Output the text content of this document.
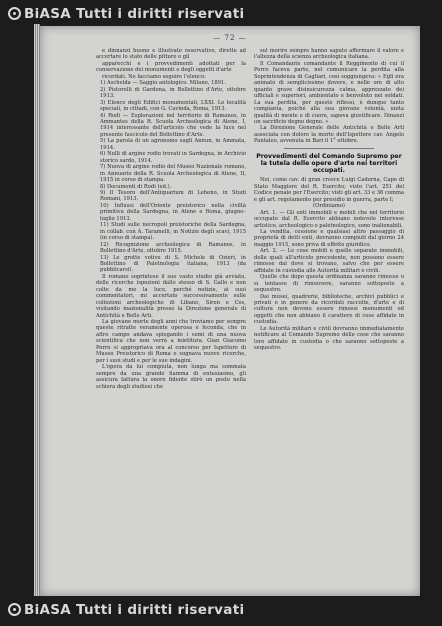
BiASA Tutti i diritti riservati
— 72 —

e dinnanzi buono e illustrato osservativo, dirette ad accertare lo stato delle pitture e gli

apparecchi e i provvedimenti adottati per la conservazione dei monumenti e degli oggetti d'arte

ricordati. Ne facciamo seguire l'elenco:

1) Aschelda — Saggio antologico. Milano, 1891.

2) Pistorelli di Gardena, in Bollettino d'Arte, ottobre 1913.

3) Elenco degli Edifici monumentali, LXXI. Le località speciali, in cittadi, con G. Cavinda, Roma, 1913.

4) Rodi — Esplorazioni nel territorio di Ramanos, in Ammantes della R. Scuola Archeologica di Atene, I, 1914 interessante dell'articolo che vede la luce nel presente fascicolo del Bollettino d'Arte.

5) La parola di un agronomo sugli Annun, in Ammata, 1914.

6) Nulli di argine rodio trovati in Sardegna, in Archivio storico sardo, 1914.

7) Nuova di argine rodio del Museo Nazionale romano, in Annuario della R. Scuola Archeologica di Atene, II, 1915 in corso di stampa.

8) Documenti di Rodi (ed.).

9) Il Tesoro dell'Antiquarium di Lebeno, in Studi Romani, 1913.

10) Influssi dell'Oriente preistorico nella civiltà primitiva della Sardegna, in Atene e Roma, giugno–luglio 1913.

11) Studi sulle necropoli preistoriche della Sardegna, in collab. con A. Taramelli, in Notizie degli scavi, 1915 (in corso di stampa).

12) Ricognizione archeologica di Ramanos, in Bollettino d'Arte, ottobre 1915.

13) Le grotte votive di S. Michele di Ozieri, in Bollettino di Paletnologia italiana, 1913 (da pubblicarsi).

Il romano soprintese il suo vasto studio già avviato, delle ricerche ispezioni dallo stesso di S. Gallo e non colte da me la luce, perché notizie, ai suoi commentatori, mi accertato successivamente sulle collezioni archeologiche di Libano, Siren e Cos, visitando mazionalità presso la Direzione generale di Antichità e Belle Arti.

La giovane morte degli anni che troviamo per sempre queste ritratte veramente operosa e feconda, che in altro campo andava spiegando i semi di una nuova scientifica che non verrà a mietitura. Gian Giacomo Porro si appropriava ora al concorso per Ispettore di Museo Preistorico di Roma e sognava nuove ricerche, per i suoi studi e per le sue indagini.

L'opera da lui compiuta, non lunga ma sommata sempre da una grande fiamma di entusiasmo, gli assicura fattura la onore fidente stirò un posto nella schiera degli studiosi che

sul morire sempre hanno saputo affermare il valore e l'altezza della scienza archeologica italiana.

Il Comandante comandante il Reggimento di cui il Porro faceva parte, nel comunicare la perdita alla Soprintendenza di Cagliari, così soggiungeva: « Egli era animato di semplicissimo dovere, e nelle ore di alto quanto grave disinsicurezza calma, apprezzato dei ufficiali e superiori, ambientato e benvoluto nei soldati. La sua perdita, per questo riflessi, è dunque tanto compianta, poiché alla sua giovane volontà, unita qualità di mente e di cuore, sapeva giustificare. Dinanzi un sacrificio degno degno. »

La Direzione Generale delle Antichità e Belle Arti associata con dolore la morte dell'Ispettore cav. Angelo Pantaleo, avvenuta in Bari il 1° ottobre.

Provvedimenti del Comando Supremo per la tutela delle opere d'arte nei territori occupati.

Noi, come cav. di gran cresce Luigi Cadorna, Capo di Stato Maggiore del R. Esercito; visto l'art. 251 del Codice penale per l'Esercito; visti gli art. 33 e 36 comma e gli art. regolamento per presidio in guerra, parte I;

(Ordiniamo)

Art. 1. — Gli enti immobili e mobili che nel territorio occupato dal R. Esercito abbiano notevole interesse artistico, archeologico o paletnologico, sono inalienabili.

La vendita, cessione e qualsiasi altro passaggio di proprietà di detti enti, dovranno compiuti dal giorno 24 maggio 1915, sono priva di effetto giuridico.

Art. 2. — Le cose mobili e quelle separate immobili, delle quali all'articolo precedente, non possono essere rimosse dai dove si trovano, salvo che per essere affidate in custodia alle Autorità militari e civili.

Quelle che dopo questa ordinanza saranno rimosse o si tentasse di rimuovere, saranno sottoposte a sequestro.

Dai musei, quadrerie, biblioteche, archivi pubblici e privati o in genere da ricordati raccolte, d'arte e di cultura non devono essere rimossi monumenti od oggetti che non abbiano il carattere di cose affidate in custodia.

Le Autorità militari e civili dovranno immediatamente notificare al Comando Supremo delle cose che saranno loro affidate in custodia o che saranno sottoposte a sequestro.

BiASA Tutti i diritti riservati
